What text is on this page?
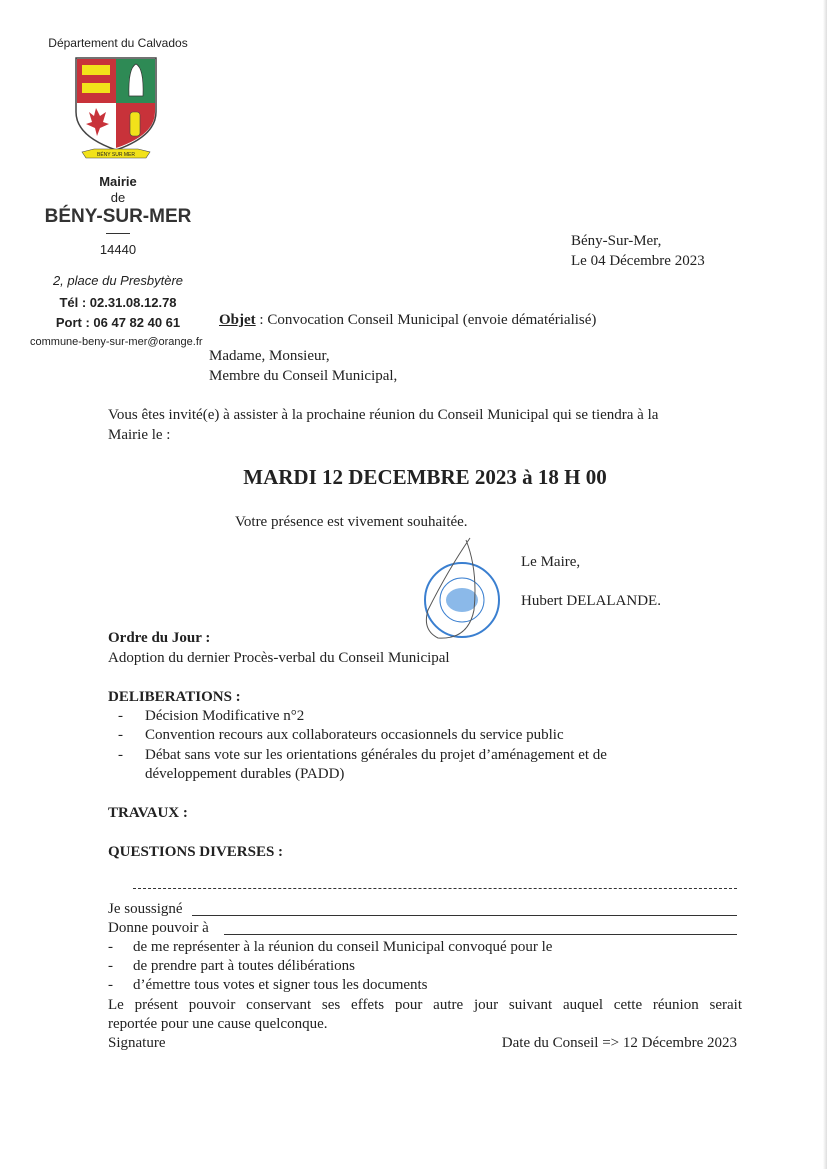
Département du Calvados
BÉNY SUR MER
Mairie
de
BÉNY-SUR-MER
14440
2, place du Presbytère
Tél : 02.31.08.12.78
Port : 06 47 82 40 61
commune-beny-sur-mer@orange.fr
Bény-Sur-Mer,
Le 04 Décembre 2023
Objet : Convocation Conseil Municipal (envoie dématérialisé)
Madame, Monsieur,
Membre du Conseil Municipal,
Vous êtes invité(e) à assister à la prochaine réunion du Conseil Municipal qui se tiendra à la
Mairie le :
MARDI 12 DECEMBRE 2023 à 18 H 00
Votre présence est vivement souhaitée.
Le Maire,
Hubert DELALANDE.
Ordre du Jour :
Adoption du dernier Procès-verbal du Conseil Municipal
DELIBERATIONS :
- Décision Modificative n°2
- Convention recours aux collaborateurs occasionnels du service public
- Débat sans vote sur les orientations générales du projet d’aménagement et de
développement durables (PADD)
TRAVAUX :
QUESTIONS DIVERSES :
Je soussigné
Donne pouvoir à
- de me représenter à la réunion du conseil Municipal convoqué pour le
- de prendre part à toutes délibérations
- d’émettre tous votes et signer tous les documents
Le présent pouvoir conservant ses effets pour autre jour suivant auquel cette réunion serait
reportée pour une cause quelconque.
Signature	Date du Conseil => 12 Décembre 2023
